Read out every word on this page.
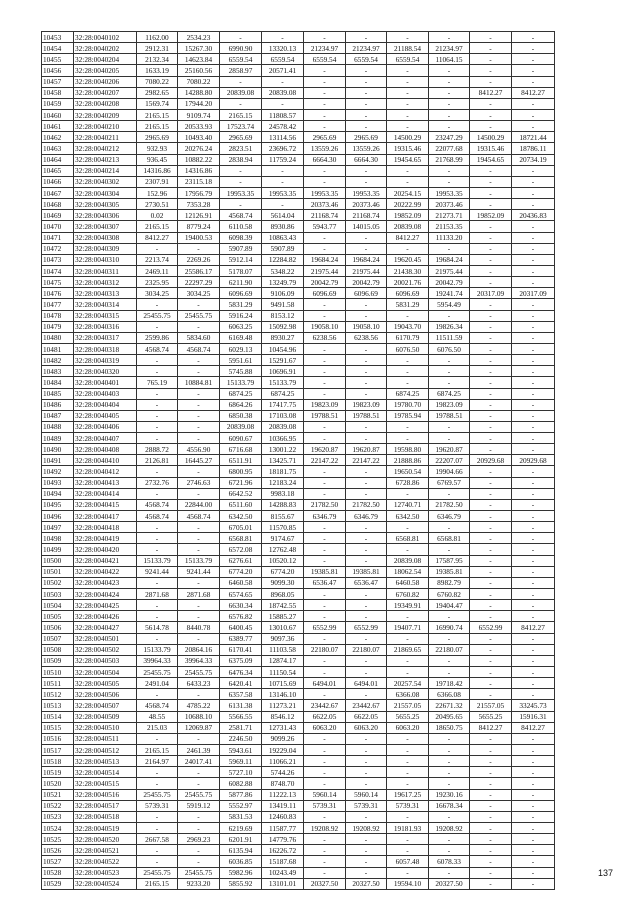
10453	32:28:0040102	1162.00	2534.23	-	-	-	-	-	-	-	-
10454	32:28:0040202	2912.31	15267.30	6990.90	13320.13	21234.97	21234.97	21188.54	21234.97	-	-
10455	32:28:0040204	2132.34	14623.84	6559.54	6559.54	6559.54	6559.54	6559.54	11064.15	-	-
10456	32:28:0040205	1633.19	25160.56	2858.97	20571.41	-	-	-	-	-	-
10457	32:28:0040206	7080.22	7080.22	-	-	-	-	-	-	-	-
10458	32:28:0040207	2982.65	14288.80	20839.08	20839.08	-	-	-	-	8412.27	8412.27
10459	32:28:0040208	1569.74	17944.20	-	-	-	-	-	-	-	-
10460	32:28:0040209	2165.15	9109.74	2165.15	11808.57	-	-	-	-	-	-
10461	32:28:0040210	2165.15	20533.93	17523.74	24578.42	-	-	-	-	-	-
10462	32:28:0040211	2965.69	10493.40	2965.69	13114.56	2965.69	2965.69	14500.29	23247.29	14500.29	18721.44
10463	32:28:0040212	932.93	20276.24	2823.51	23696.72	13559.26	13559.26	19315.46	22077.68	19315.46	18786.11
10464	32:28:0040213	936.45	10882.22	2838.94	11759.24	6664.30	6664.30	19454.65	21768.99	19454.65	20734.19
10465	32:28:0040214	14316.86	14316.86	-	-	-	-	-	-	-	-
10466	32:28:0040302	2307.91	23115.18	-	-	-	-	-	-	-	-
10467	32:28:0040304	152.96	17956.79	19953.35	19953.35	19953.35	19953.35	20254.15	19953.35	-	-
10468	32:28:0040305	2730.51	7353.28	-	-	20373.46	20373.46	20222.99	20373.46	-	-
10469	32:28:0040306	0.02	12126.91	4568.74	5614.04	21168.74	21168.74	19852.09	21273.71	19852.09	20436.83
10470	32:28:0040307	2165.15	8779.24	6110.58	8930.86	5943.77	14015.05	20839.08	21153.35	-	-
10471	32:28:0040308	8412.27	19400.53	6098.39	10863.43	-	-	8412.27	11133.20	-	-
10472	32:28:0040309	-	-	5907.89	5907.89	-	-	-	-	-	-
10473	32:28:0040310	2213.74	2269.26	5912.14	12284.82	19684.24	19684.24	19620.45	19684.24	-	-
10474	32:28:0040311	2469.11	25586.17	5178.07	5348.22	21975.44	21975.44	21438.30	21975.44	-	-
10475	32:28:0040312	2325.95	22297.29	6211.90	13249.79	20042.79	20042.79	20021.76	20042.79	-	-
10476	32:28:0040313	3034.25	3034.25	6096.69	9106.09	6096.69	6096.69	6096.69	19241.74	20317.09	20317.09
10477	32:28:0040314	-	-	5831.29	9491.58	-	-	5831.29	5954.49	-	-
10478	32:28:0040315	25455.75	25455.75	5916.24	8153.12	-	-	-	-	-	-
10479	32:28:0040316	-	-	6063.25	15092.98	19058.10	19058.10	19043.70	19826.34	-	-
10480	32:28:0040317	2599.86	5834.60	6169.48	8930.27	6238.56	6238.56	6170.79	11511.59	-	-
10481	32:28:0040318	4568.74	4568.74	6029.13	10454.96	-	-	6076.50	6076.50	-	-
10482	32:28:0040319	-	-	5951.61	15291.67	-	-	-	-	-	-
10483	32:28:0040320	-	-	5745.88	10696.91	-	-	-	-	-	-
10484	32:28:0040401	765.19	10884.81	15133.79	15133.79	-	-	-	-	-	-
10485	32:28:0040403	-	-	6874.25	6874.25	-	-	6874.25	6874.25	-	-
10486	32:28:0040404	-	-	6864.26	17417.75	19823.09	19823.09	19780.70	19823.09	-	-
10487	32:28:0040405	-	-	6850.38	17103.08	19788.51	19788.51	19785.94	19788.51	-	-
10488	32:28:0040406	-	-	20839.08	20839.08	-	-	-	-	-	-
10489	32:28:0040407	-	-	6090.67	10366.95	-	-	-	-	-	-
10490	32:28:0040408	2888.72	4556.90	6716.68	13001.22	19620.87	19620.87	19598.80	19620.87	-	-
10491	32:28:0040410	2126.81	16445.27	6511.91	13425.71	22147.22	22147.22	21888.86	22207.07	20929.68	20929.68
10492	32:28:0040412	-	-	6800.95	18181.75	-	-	19650.54	19904.66	-	-
10493	32:28:0040413	2732.76	2746.63	6721.96	12183.24	-	-	6728.86	6769.57	-	-
10494	32:28:0040414	-	-	6642.52	9983.18	-	-	-	-	-	-
10495	32:28:0040415	4568.74	22844.00	6511.60	14288.83	21782.50	21782.50	12740.71	21782.50	-	-
10496	32:28:0040417	4568.74	4568.74	6342.50	8155.67	6346.79	6346.79	6342.50	6346.79	-	-
10497	32:28:0040418	-	-	6705.01	11570.85	-	-	-	-	-	-
10498	32:28:0040419	-	-	6568.81	9174.67	-	-	6568.81	6568.81	-	-
10499	32:28:0040420	-	-	6572.08	12762.48	-	-	-	-	-	-
10500	32:28:0040421	15133.79	15133.79	6276.61	10520.12	-	-	20839.08	17587.95	-	-
10501	32:28:0040422	9241.44	9241.44	6774.20	6774.20	19385.81	19385.81	18062.54	19385.81	-	-
10502	32:28:0040423	-	-	6460.58	9099.30	6536.47	6536.47	6460.58	8982.79	-	-
10503	32:28:0040424	2871.68	2871.68	6574.65	8968.05	-	-	6760.82	6760.82	-	-
10504	32:28:0040425	-	-	6630.34	18742.55	-	-	19349.91	19404.47	-	-
10505	32:28:0040426	-	-	6576.82	15885.27	-	-	-	-	-	-
10506	32:28:0040427	5614.78	8440.78	6400.45	13010.67	6552.99	6552.99	19407.71	16990.74	6552.99	8412.27
10507	32:28:0040501	-	-	6389.77	9097.36	-	-	-	-	-	-
10508	32:28:0040502	15133.79	20864.16	6170.41	11103.58	22180.07	22180.07	21869.65	22180.07	-	-
10509	32:28:0040503	39964.33	39964.33	6375.09	12874.17	-	-	-	-	-	-
10510	32:28:0040504	25455.75	25455.75	6476.34	11150.54	-	-	-	-	-	-
10511	32:28:0040505	2491.04	6433.23	6420.41	10715.69	6494.01	6494.01	20257.54	19718.42	-	-
10512	32:28:0040506	-	-	6357.58	13146.10	-	-	6366.08	6366.08	-	-
10513	32:28:0040507	4568.74	4785.22	6131.38	11273.21	23442.67	23442.67	21557.05	22671.32	21557.05	33245.73
10514	32:28:0040509	48.55	10688.10	5566.55	8546.12	6622.05	6622.05	5655.25	20495.65	5655.25	15916.31
10515	32:28:0040510	215.03	12069.87	2581.71	12731.43	6063.20	6063.20	6063.20	18650.75	8412.27	8412.27
10516	32:28:0040511	-	-	2246.50	9099.26	-	-	-	-	-	-
10517	32:28:0040512	2165.15	2461.39	5943.61	19229.04	-	-	-	-	-	-
10518	32:28:0040513	2164.97	24017.41	5969.11	11066.21	-	-	-	-	-	-
10519	32:28:0040514	-	-	5727.10	5744.26	-	-	-	-	-	-
10520	32:28:0040515	-	-	6082.88	8748.70	-	-	-	-	-	-
10521	32:28:0040516	25455.75	25455.75	5877.86	11222.13	5960.14	5960.14	19617.25	19230.16	-	-
10522	32:28:0040517	5739.31	5919.12	5552.97	13419.11	5739.31	5739.31	5739.31	16678.34	-	-
10523	32:28:0040518	-	-	5831.53	12460.83	-	-	-	-	-	-
10524	32:28:0040519	-	-	6219.69	11587.77	19208.92	19208.92	19181.93	19208.92	-	-
10525	32:28:0040520	2667.58	2969.23	6201.91	14779.76	-	-	-	-	-	-
10526	32:28:0040521	-	-	6135.94	16226.72	-	-	-	-	-	-
10527	32:28:0040522	-	-	6036.85	15187.68	-	-	6057.48	6078.33	-	-
10528	32:28:0040523	25455.75	25455.75	5982.96	10243.49	-	-	-	-	-	-
10529	32:28:0040524	2165.15	9233.20	5855.92	13101.01	20327.50	20327.50	19594.10	20327.50	-	-
137
